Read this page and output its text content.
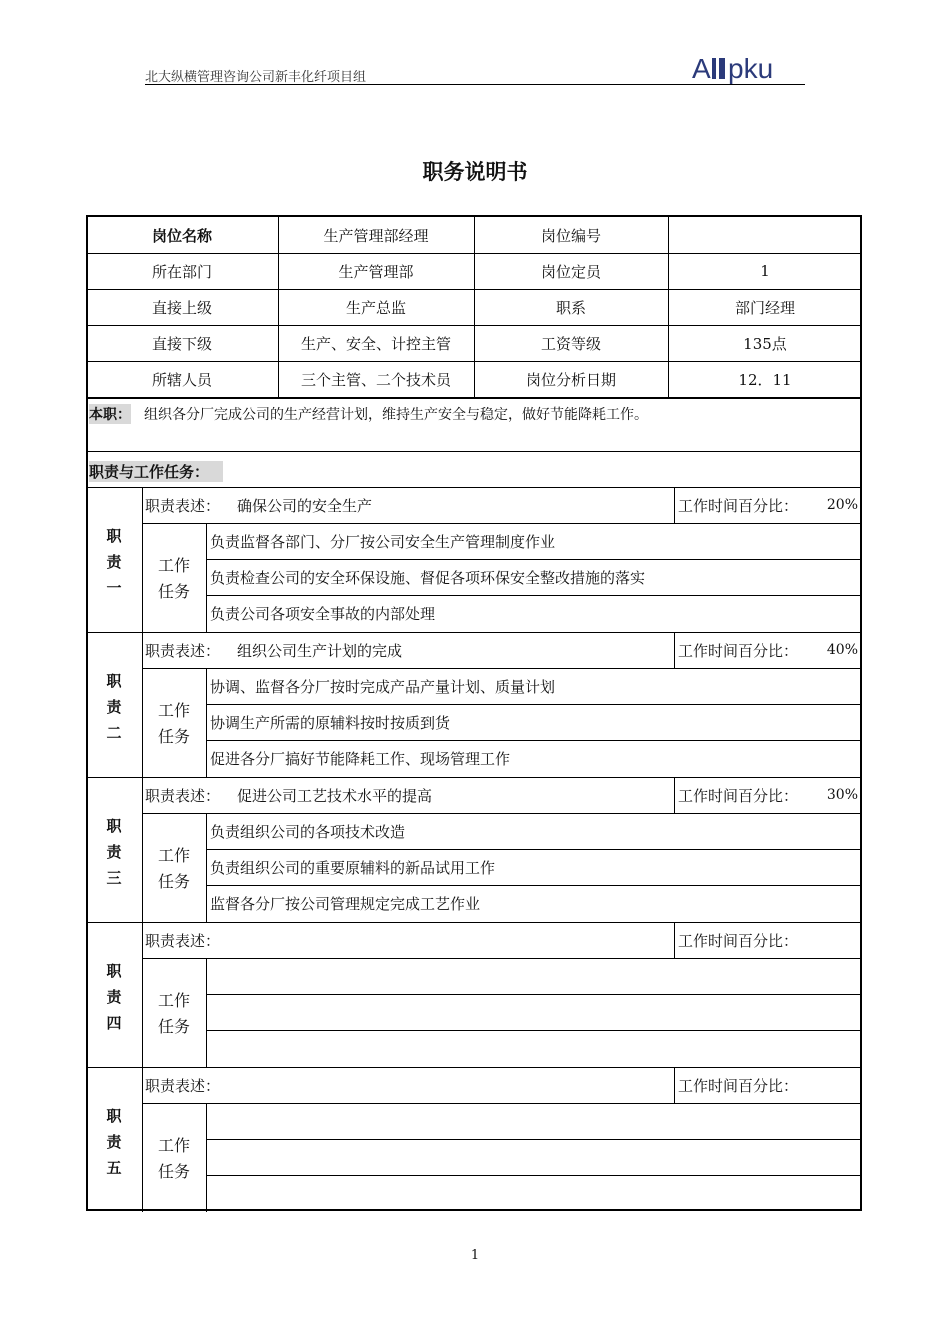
北大纵横管理咨询公司新丰化纤项目组	A pku
职务说明书
岗位名称	生产管理部经理	岗位编号
所在部门	生产管理部	岗位定员	1
直接上级	生产总监	职系	部门经理
直接下级	生产、安全、计控主管	工资等级	135点
所辖人员	三个主管、二个技术员	岗位分析日期	12．11
本职： 组织各分厂完成公司的生产经营计划，维持生产安全与稳定，做好节能降耗工作。
职责与工作任务：
职
责
一
职责表述： 确保公司的安全生产	工作时间百分比：	20%
工作
任务
负责监督各部门、分厂按公司安全生产管理制度作业
负责检查公司的安全环保设施、督促各项环保安全整改措施的落实
负责公司各项安全事故的内部处理
职
责
二
职责表述： 组织公司生产计划的完成	工作时间百分比：	40%
工作
任务
协调、监督各分厂按时完成产品产量计划、质量计划
协调生产所需的原辅料按时按质到货
促进各分厂搞好节能降耗工作、现场管理工作
职
责
三
职责表述： 促进公司工艺技术水平的提高	工作时间百分比：	30%
工作
任务
负责组织公司的各项技术改造
负责组织公司的重要原辅料的新品试用工作
监督各分厂按公司管理规定完成工艺作业
职
责
四
职责表述：	工作时间百分比：
工作
任务
职
责
五
职责表述：	工作时间百分比：
工作
任务
1
